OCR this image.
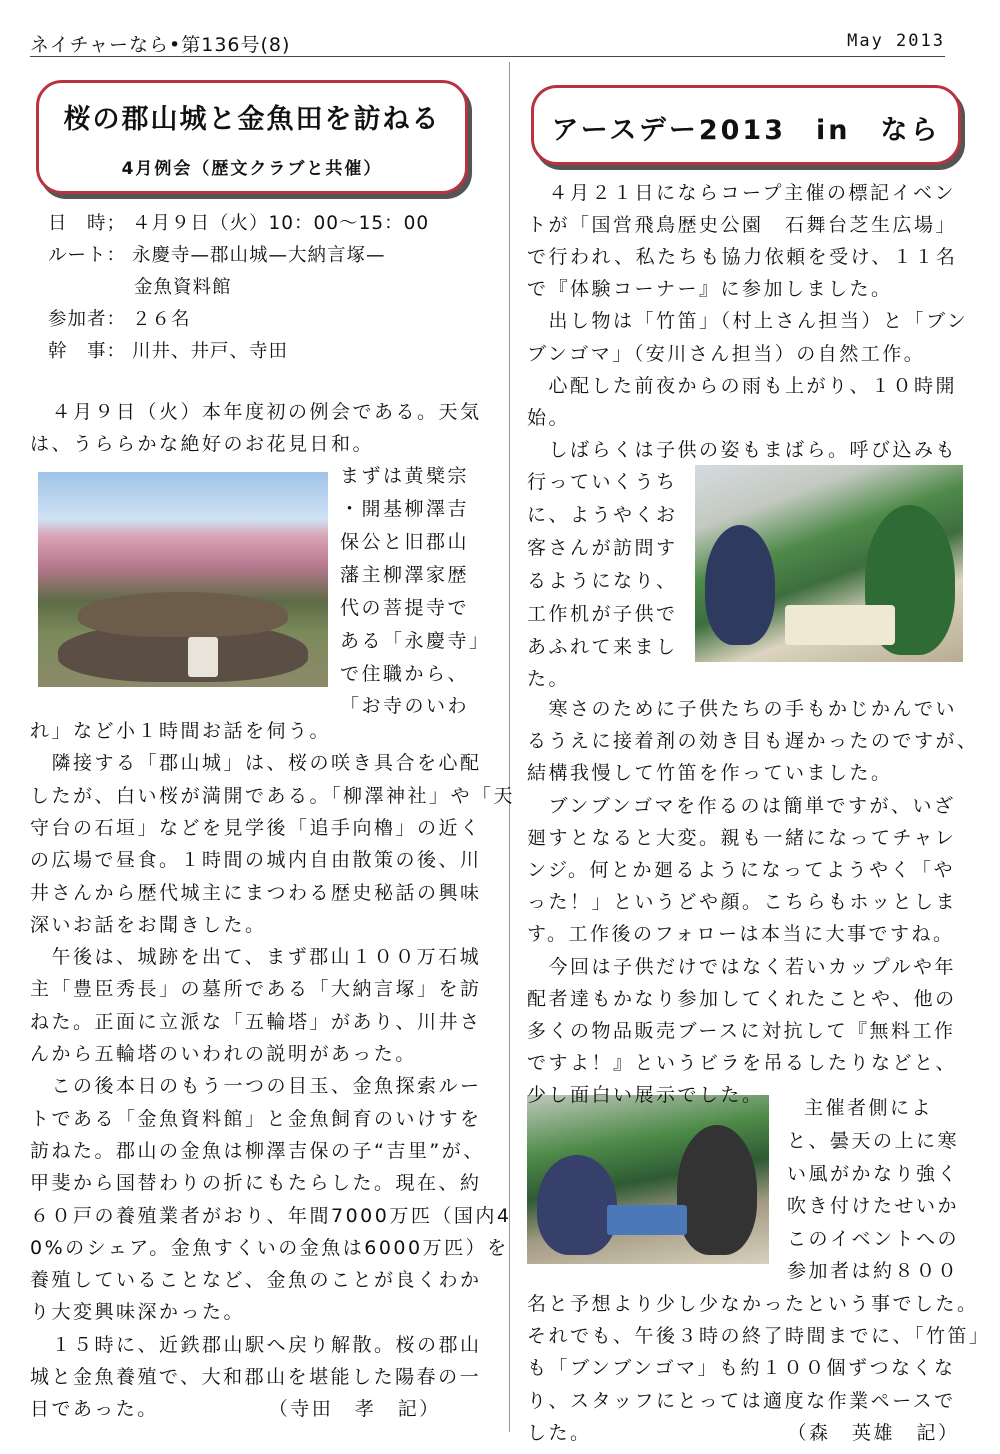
ネイチャーなら•第136号(8)	May 2013
桜の郡山城と金魚田を訪ねる
4月例会（歴文クラブと共催）
アースデー2013　in　なら
日　時； ４月９日（火）10：00〜15：00
ルート： 永慶寺—郡山城—大納言塚—
金魚資料館
参加者： ２６名
幹　事： 川井、井戸、寺田
　４月９日（火）本年度初の例会である。天気
は、うららかな絶好のお花見日和。
まずは黄檗宗
・開基柳澤吉
保公と旧郡山
藩主柳澤家歴
代の菩提寺で
ある「永慶寺」
で住職から、
「お寺のいわ
れ」など小１時間お話を伺う。
　隣接する「郡山城」は、桜の咲き具合を心配
したが、白い桜が満開である。「柳澤神社」や「天
守台の石垣」などを見学後「追手向櫓」の近く
の広場で昼食。１時間の城内自由散策の後、川
井さんから歴代城主にまつわる歴史秘話の興味
深いお話をお聞きした。
　午後は、城跡を出て、まず郡山１００万石城
主「豊臣秀長」の墓所である「大納言塚」を訪
ねた。正面に立派な「五輪塔」があり、川井さ
んから五輪塔のいわれの説明があった。
　この後本日のもう一つの目玉、金魚探索ルー
トである「金魚資料館」と金魚飼育のいけすを
訪ねた。郡山の金魚は柳澤吉保の子“吉里”が、
甲斐から国替わりの折にもたらした。現在、約
６０戸の養殖業者がおり、年間7000万匹（国内4
0%のシェア。金魚すくいの金魚は6000万匹）を
養殖していることなど、金魚のことが良くわか
り大変興味深かった。
　１５時に、近鉄郡山駅へ戻り解散。桜の郡山
城と金魚養殖で、大和郡山を堪能した陽春の一
日であった。　　　　　　（寺田　孝　記）
　４月２１日にならコープ主催の標記イベン
トが「国営飛鳥歴史公園　石舞台芝生広場」
で行われ、私たちも協力依頼を受け、１１名
で『体験コーナー』に参加しました。
　出し物は「竹笛」（村上さん担当）と「ブン
ブンゴマ」（安川さん担当）の自然工作。
　心配した前夜からの雨も上がり、１０時開
始。
　しばらくは子供の姿もまばら。呼び込みも
行っていくうち
に、ようやくお
客さんが訪問す
るようになり、
工作机が子供で
あふれて来まし
た。
　寒さのために子供たちの手もかじかんでい
るうえに接着剤の効き目も遅かったのですが、
結構我慢して竹笛を作っていました。
　ブンブンゴマを作るのは簡単ですが、いざ
廻すとなると大変。親も一緒になってチャレ
ンジ。何とか廻るようになってようやく「や
った！」というどや顔。こちらもホッとしま
す。工作後のフォローは本当に大事ですね。
　今回は子供だけではなく若いカップルや年
配者達もかなり参加してくれたことや、他の
多くの物品販売ブースに対抗して『無料工作
ですよ！』というビラを吊るしたりなどと、
少し面白い展示でした。
主催者側によ
と、曇天の上に寒
い風がかなり強く
吹き付けたせいか
このイベントへの
参加者は約８００
名と予想より少し少なかったという事でした。
それでも、午後３時の終了時間までに、「竹笛」
も「ブンブンゴマ」も約１００個ずつなくな
り、スタッフにとっては適度な作業ペースで
した。　　　　　　　　　　（森　英雄　記）
